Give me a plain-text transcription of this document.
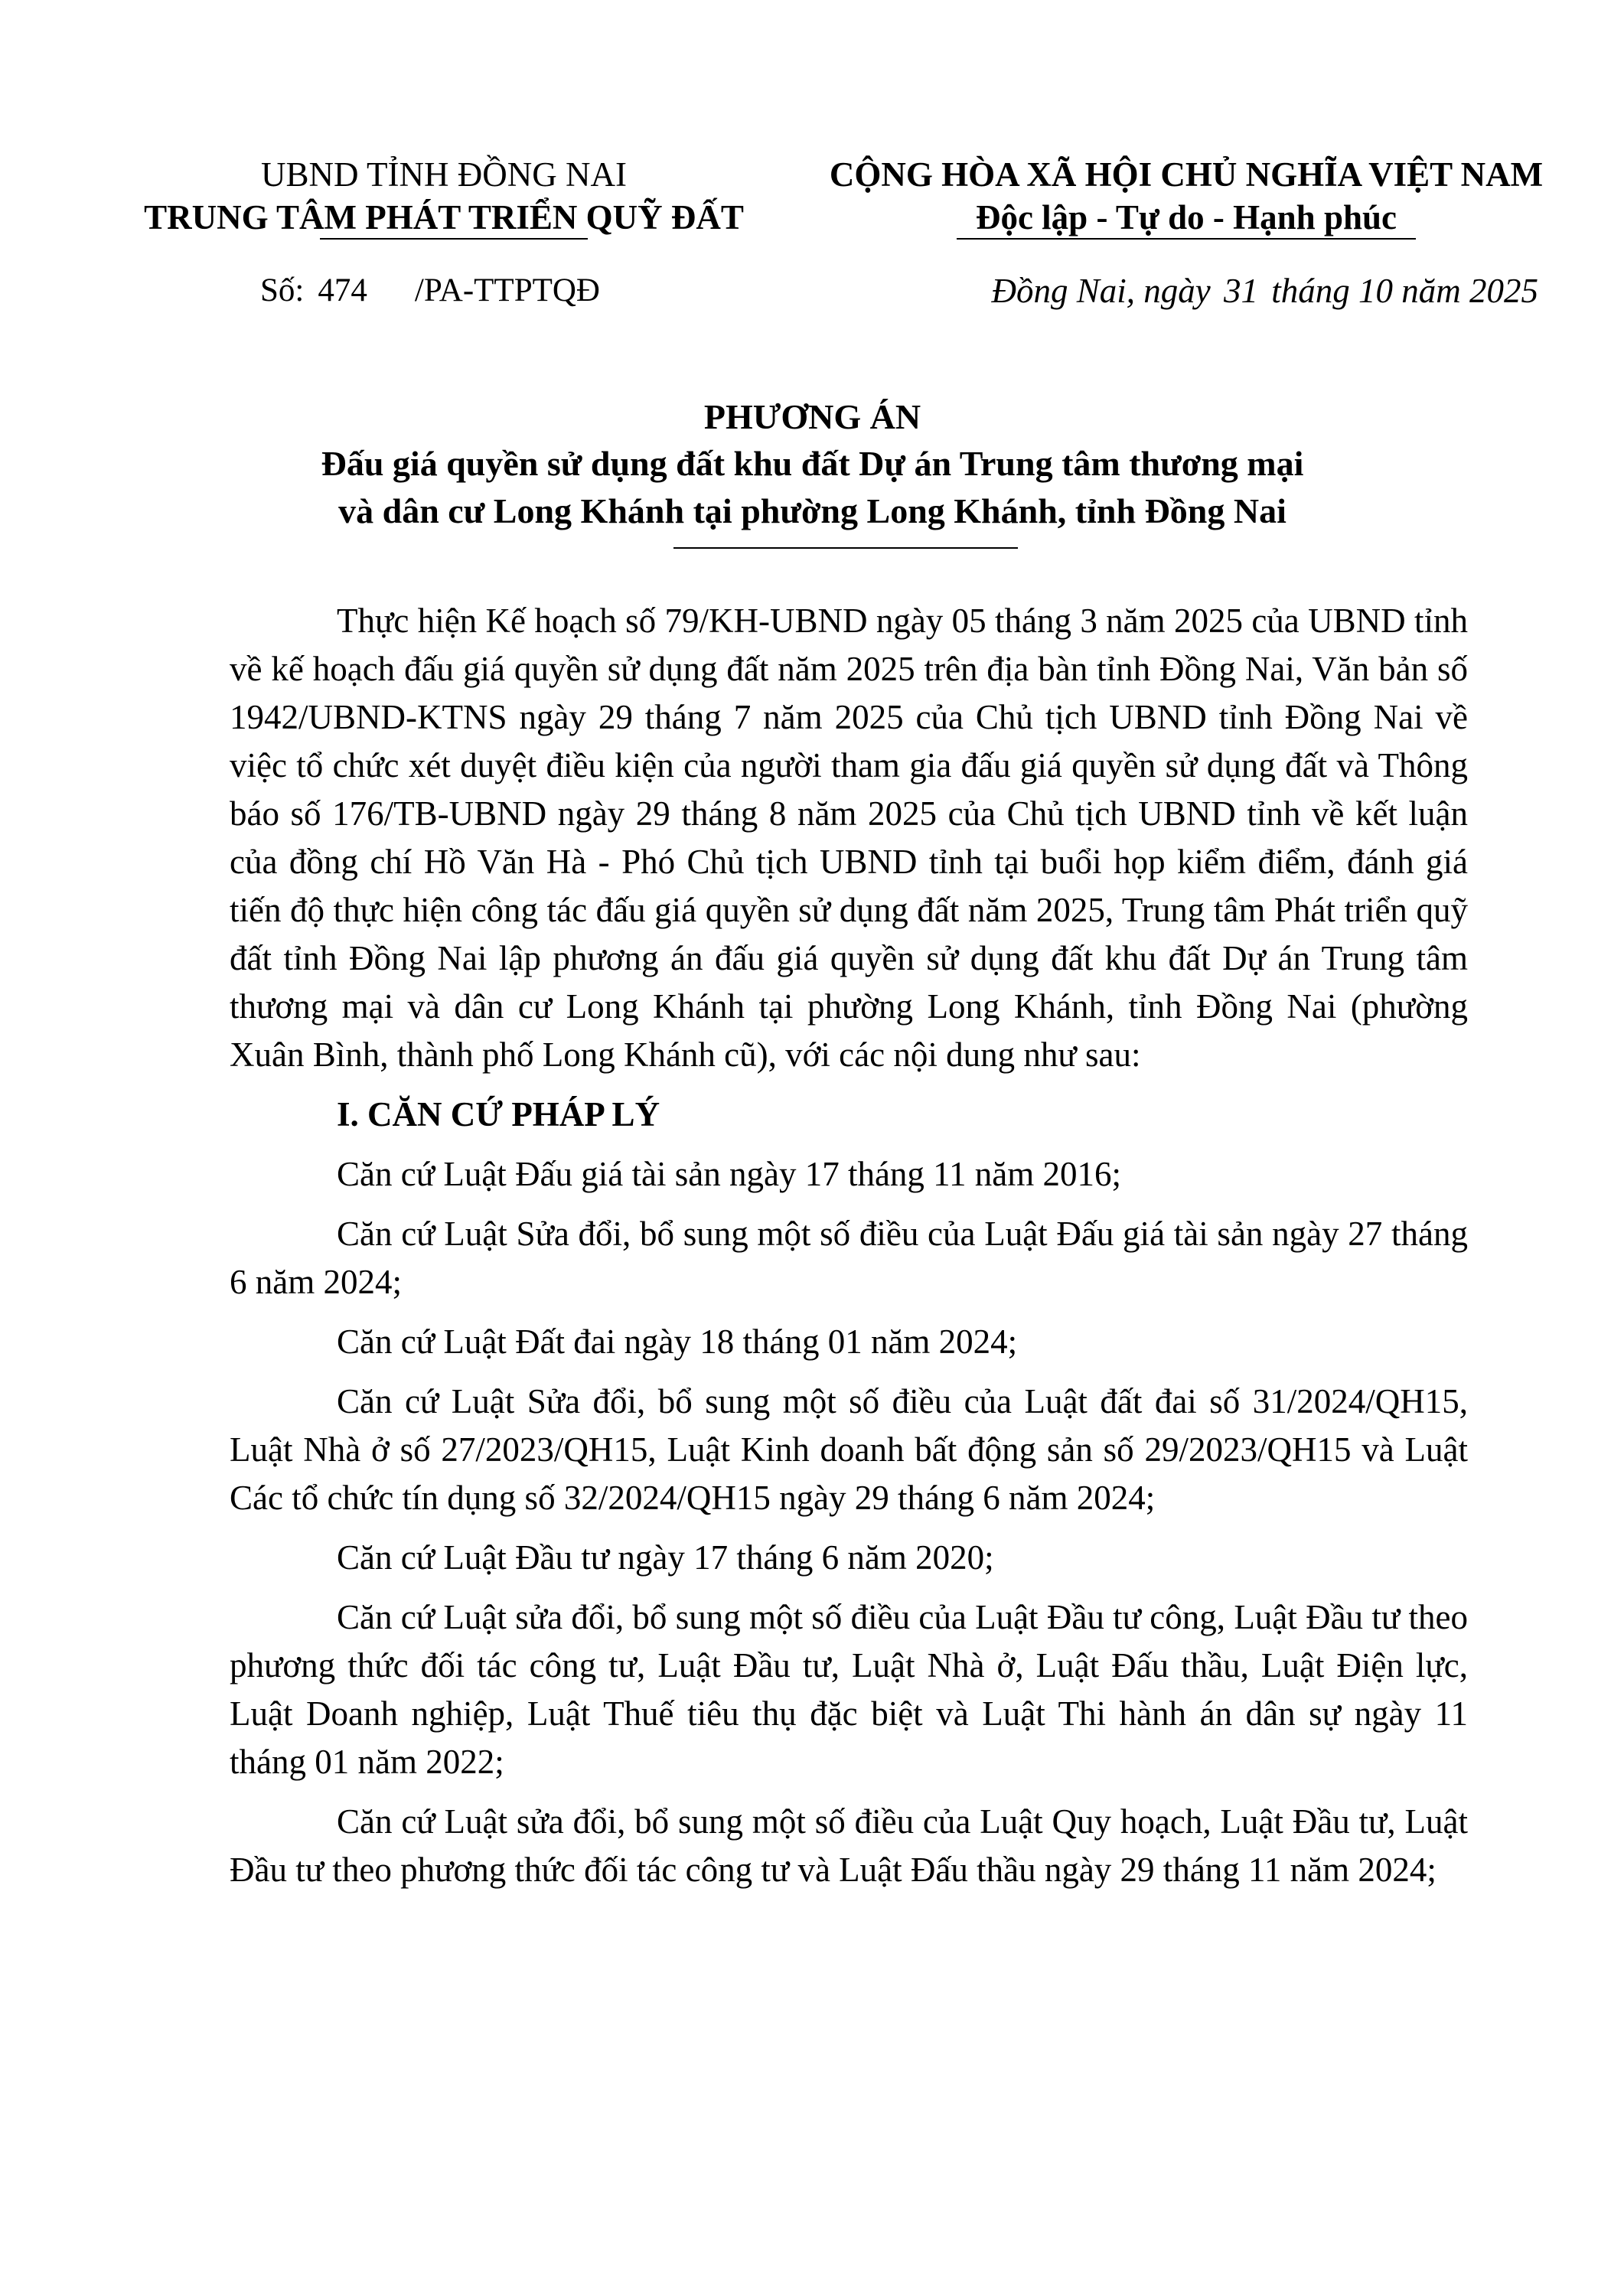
UBND TỈNH ĐỒNG NAI
TRUNG TÂM PHÁT TRIỂN QUỸ ĐẤT
CỘNG HÒA XÃ HỘI CHỦ NGHĨA VIỆT NAM
Độc lập - Tự do - Hạnh phúc
Số: 474 /PA-TTPTQĐ	Đồng Nai, ngày 31 tháng 10 năm 2025
PHƯƠNG ÁN
Đấu giá quyền sử dụng đất khu đất Dự án Trung tâm thương mại
và dân cư Long Khánh tại phường Long Khánh, tỉnh Đồng Nai

Thực hiện Kế hoạch số 79/KH-UBND ngày 05 tháng 3 năm 2025 của UBND tỉnh về kế hoạch đấu giá quyền sử dụng đất năm 2025 trên địa bàn tỉnh Đồng Nai, Văn bản số 1942/UBND-KTNS ngày 29 tháng 7 năm 2025 của Chủ tịch UBND tỉnh Đồng Nai về việc tổ chức xét duyệt điều kiện của người tham gia đấu giá quyền sử dụng đất và Thông báo số 176/TB-UBND ngày 29 tháng 8 năm 2025 của Chủ tịch UBND tỉnh về kết luận của đồng chí Hồ Văn Hà - Phó Chủ tịch UBND tỉnh tại buổi họp kiểm điểm, đánh giá tiến độ thực hiện công tác đấu giá quyền sử dụng đất năm 2025, Trung tâm Phát triển quỹ đất tỉnh Đồng Nai lập phương án đấu giá quyền sử dụng đất khu đất Dự án Trung tâm thương mại và dân cư Long Khánh tại phường Long Khánh, tỉnh Đồng Nai (phường Xuân Bình, thành phố Long Khánh cũ), với các nội dung như sau:

I. CĂN CỨ PHÁP LÝ

Căn cứ Luật Đấu giá tài sản ngày 17 tháng 11 năm 2016;

Căn cứ Luật Sửa đổi, bổ sung một số điều của Luật Đấu giá tài sản ngày 27 tháng 6 năm 2024;

Căn cứ Luật Đất đai ngày 18 tháng 01 năm 2024;

Căn cứ Luật Sửa đổi, bổ sung một số điều của Luật đất đai số 31/2024/QH15, Luật Nhà ở số 27/2023/QH15, Luật Kinh doanh bất động sản số 29/2023/QH15 và Luật Các tổ chức tín dụng số 32/2024/QH15 ngày 29 tháng 6 năm 2024;

Căn cứ Luật Đầu tư ngày 17 tháng 6 năm 2020;

Căn cứ Luật sửa đổi, bổ sung một số điều của Luật Đầu tư công, Luật Đầu tư theo phương thức đối tác công tư, Luật Đầu tư, Luật Nhà ở, Luật Đấu thầu, Luật Điện lực, Luật Doanh nghiệp, Luật Thuế tiêu thụ đặc biệt và Luật Thi hành án dân sự ngày 11 tháng 01 năm 2022;

Căn cứ Luật sửa đổi, bổ sung một số điều của Luật Quy hoạch, Luật Đầu tư, Luật Đầu tư theo phương thức đối tác công tư và Luật Đấu thầu ngày 29 tháng 11 năm 2024;
